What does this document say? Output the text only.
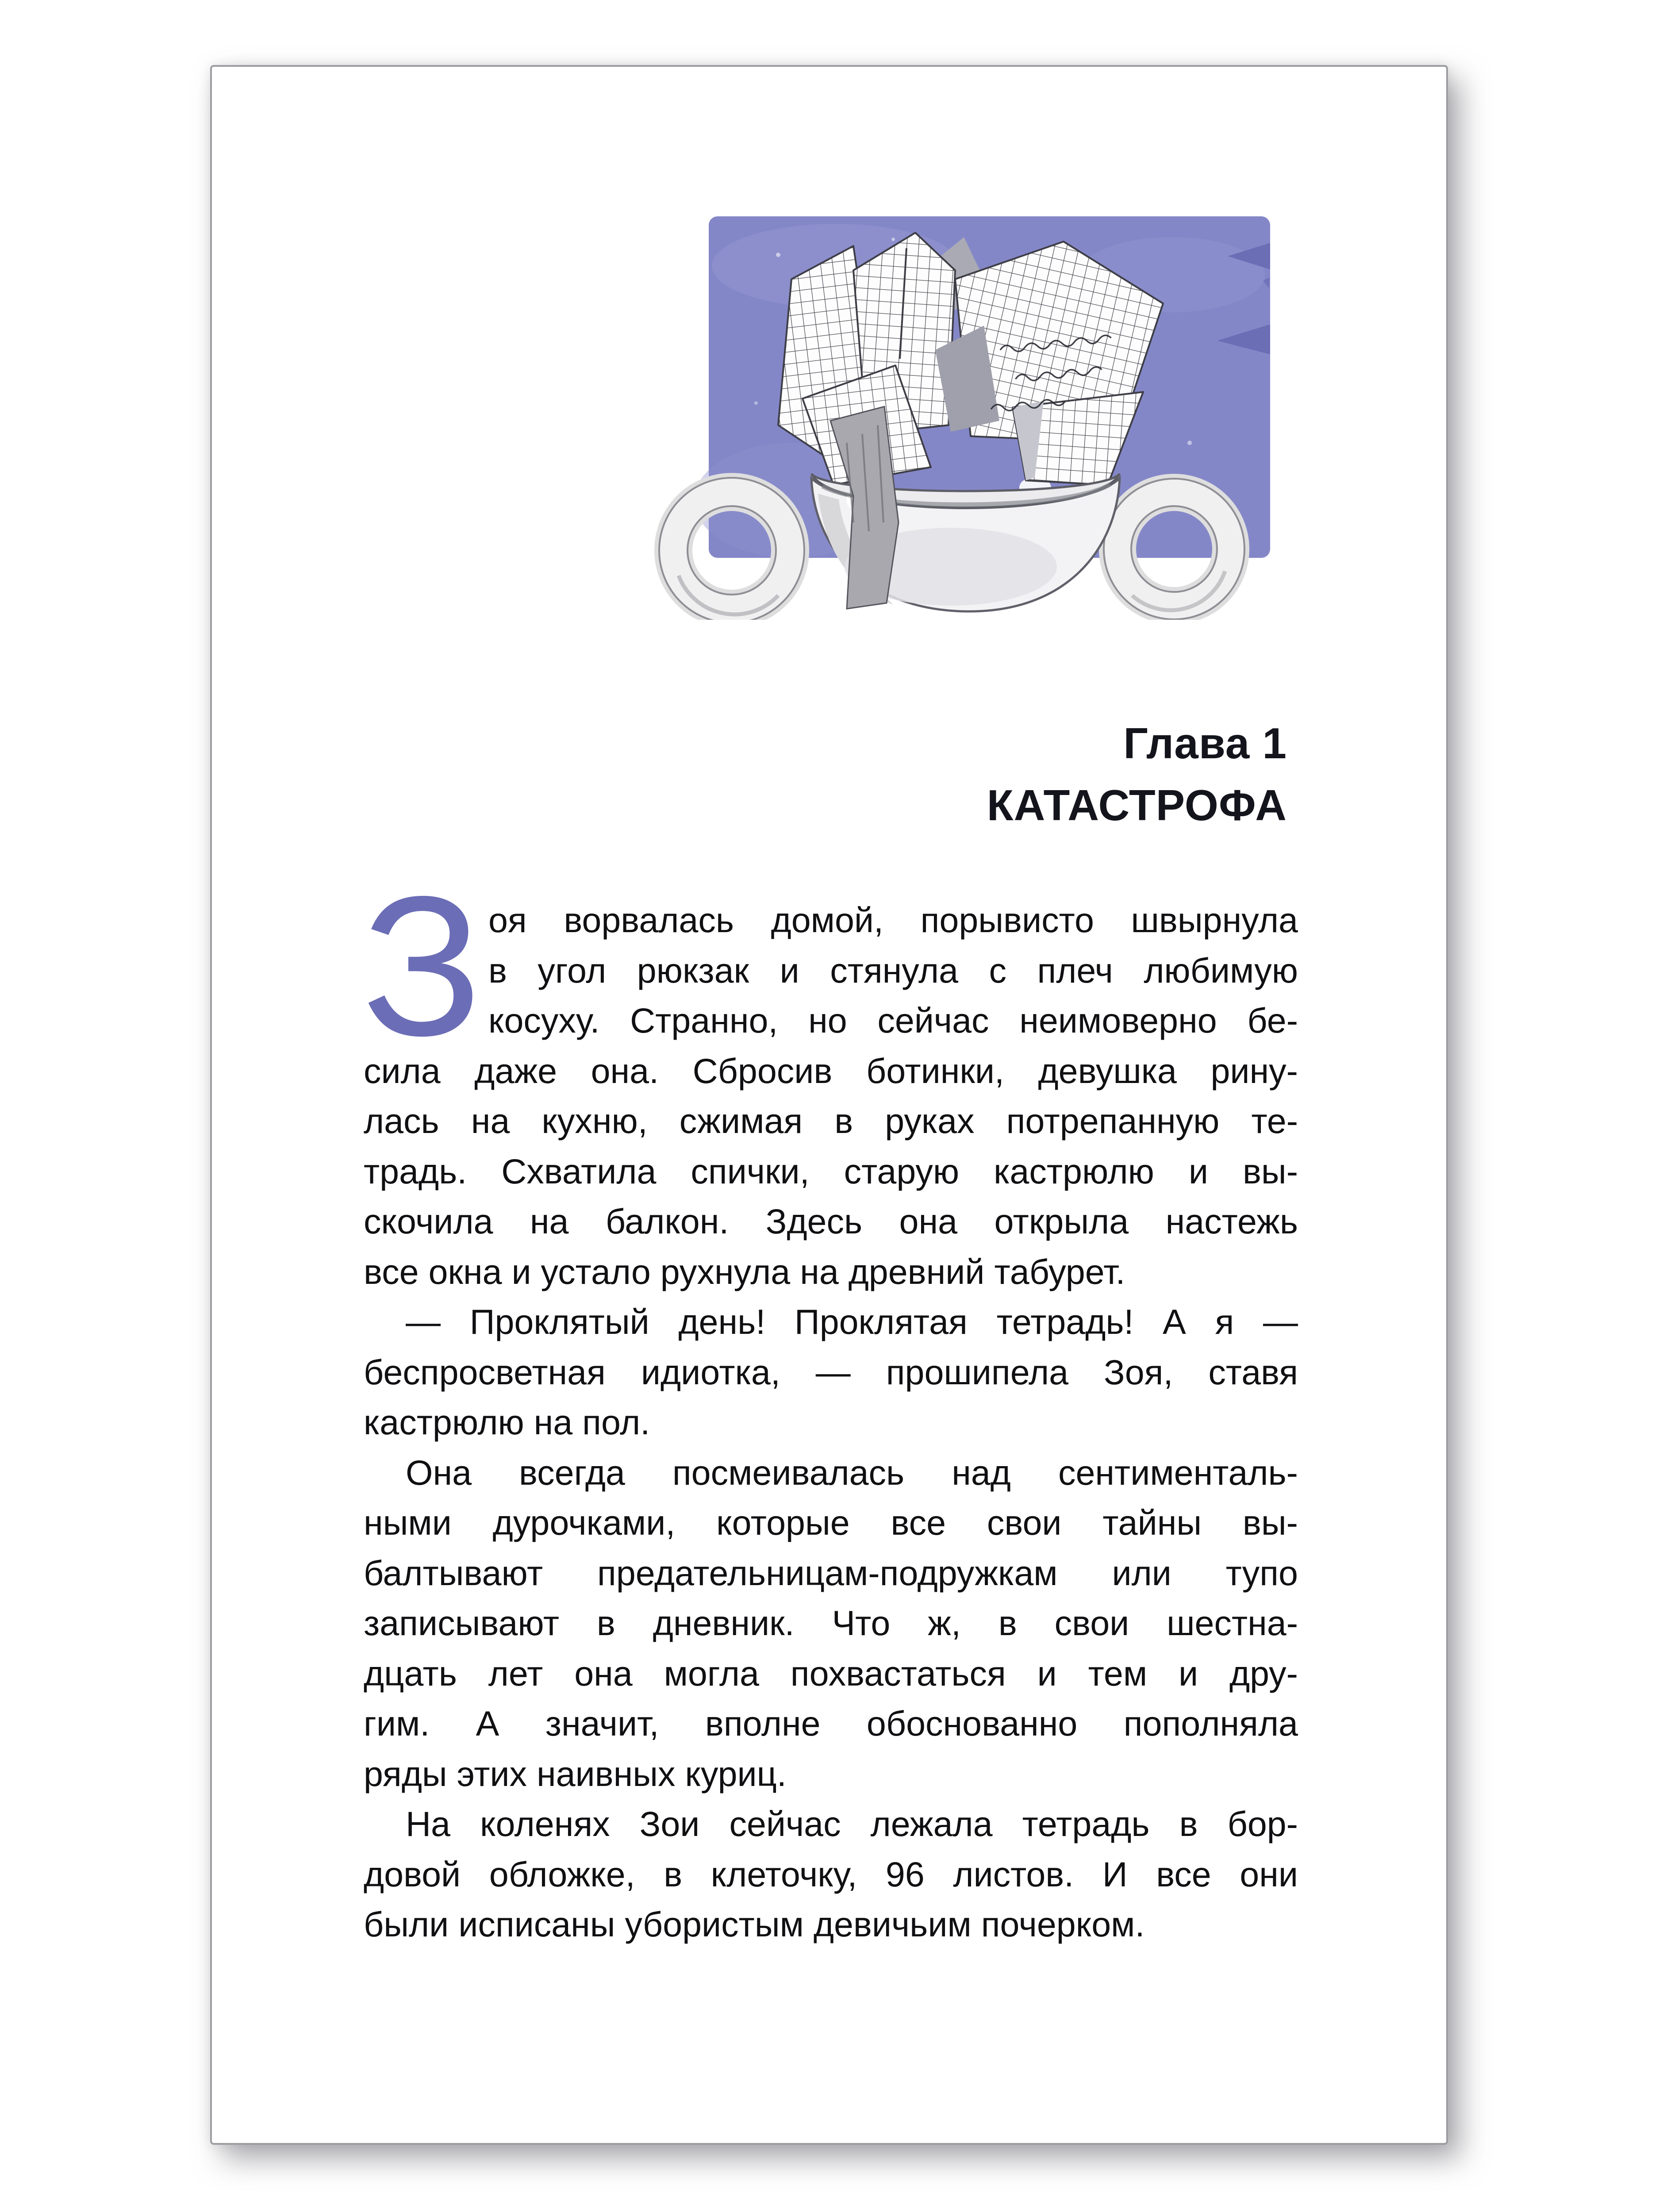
Глава 1
КАТАСТРОФА
З оя ворвалась домой, порывисто швырнула
в угол рюкзак и стянула с плеч любимую
косуху. Странно, но сейчас неимоверно бе-
сила даже она. Сбросив ботинки, девушка рину-
лась на кухню, сжимая в руках потрепанную те-
традь. Схватила спички, старую кастрюлю и вы-
скочила на балкон. Здесь она открыла настежь
все окна и устало рухнула на древний табурет.
— Проклятый день! Проклятая тетрадь! А я —
беспросветная идиотка, — прошипела Зоя, ставя
кастрюлю на пол.
Она всегда посмеивалась над сентименталь-
ными дурочками, которые все свои тайны вы-
балтывают предательницам-подружкам или тупо
записывают в дневник. Что ж, в свои шестна-
дцать лет она могла похвастаться и тем и дру-
гим. А значит, вполне обоснованно пополняла
ряды этих наивных куриц.
На коленях Зои сейчас лежала тетрадь в бор-
довой обложке, в клеточку, 96 листов. И все они
были исписаны убористым девичьим почерком.
